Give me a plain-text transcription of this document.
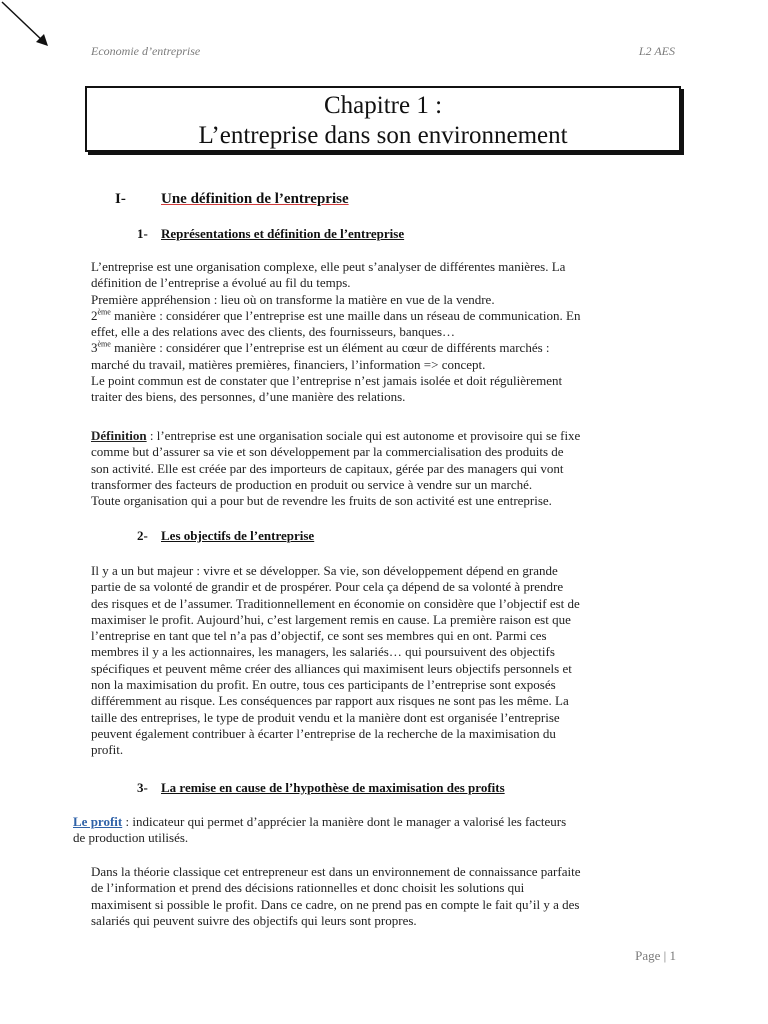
Economie d’entreprise	L2 AES
Chapitre 1 :
L’entreprise dans son environnement
I- Une définition de l’entreprise
1- Représentations et définition de l’entreprise
L’entreprise est une organisation complexe, elle peut s’analyser de différentes manières. La
définition de l’entreprise a évolué au fil du temps.
Première appréhension : lieu où on transforme la matière en vue de la vendre.
2ème manière : considérer que l’entreprise est une maille dans un réseau de communication. En
effet, elle a des relations avec des clients, des fournisseurs, banques…
3ème manière : considérer que l’entreprise est un élément au cœur de différents marchés :
marché du travail, matières premières, financiers, l’information => concept.
Le point commun est de constater que l’entreprise n’est jamais isolée et doit régulièrement
traiter des biens, des personnes, d’une manière des relations.
Définition : l’entreprise est une organisation sociale qui est autonome et provisoire qui se fixe
comme but d’assurer sa vie et son développement par la commercialisation des produits de
son activité. Elle est créée par des importeurs de capitaux, gérée par des managers qui vont
transformer des facteurs de production en produit ou service à vendre sur un marché.
Toute organisation qui a pour but de revendre les fruits de son activité est une entreprise.
2- Les objectifs de l’entreprise
Il y a un but majeur : vivre et se développer. Sa vie, son développement dépend en grande
partie de sa volonté de grandir et de prospérer. Pour cela ça dépend de sa volonté à prendre
des risques et de l’assumer. Traditionnellement en économie on considère que l’objectif est de
maximiser le profit. Aujourd’hui, c’est largement remis en cause. La première raison est que
l’entreprise en tant que tel n’a pas d’objectif, ce sont ses membres qui en ont. Parmi ces
membres il y a les actionnaires, les managers, les salariés… qui poursuivent des objectifs
spécifiques et peuvent même créer des alliances qui maximisent leurs objectifs personnels et
non la maximisation du profit. En outre, tous ces participants de l’entreprise sont exposés
différemment au risque. Les conséquences par rapport aux risques ne sont pas les même. La
taille des entreprises, le type de produit vendu et la manière dont est organisée l’entreprise
peuvent également contribuer à écarter l’entreprise de la recherche de la maximisation du
profit.
3- La remise en cause de l’hypothèse de maximisation des profits
Le profit : indicateur qui permet d’apprécier la manière dont le manager a valorisé les facteurs
de production utilisés.
Dans la théorie classique cet entrepreneur est dans un environnement de connaissance parfaite
de l’information et prend des décisions rationnelles et donc choisit les solutions qui
maximisent si possible le profit. Dans ce cadre, on ne prend pas en compte le fait qu’il y a des
salariés qui peuvent suivre des objectifs qui leurs sont propres.
Page | 1
